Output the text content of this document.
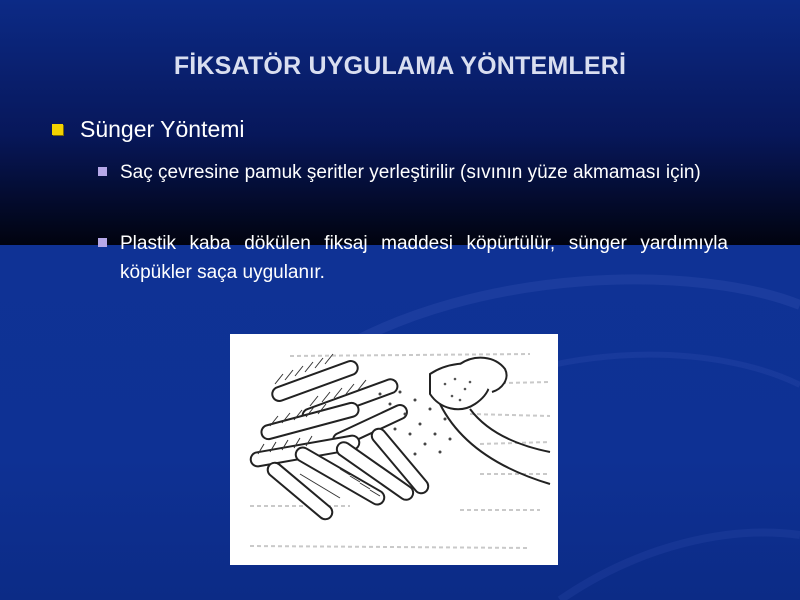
FİKSATÖR UYGULAMA YÖNTEMLERİ
Sünger Yöntemi
Saç çevresine pamuk şeritler yerleştirilir (sıvının yüze akmaması için)
Plastik kaba dökülen fiksaj maddesi köpürtülür, sünger yardımıyla köpükler saça uygulanır.
